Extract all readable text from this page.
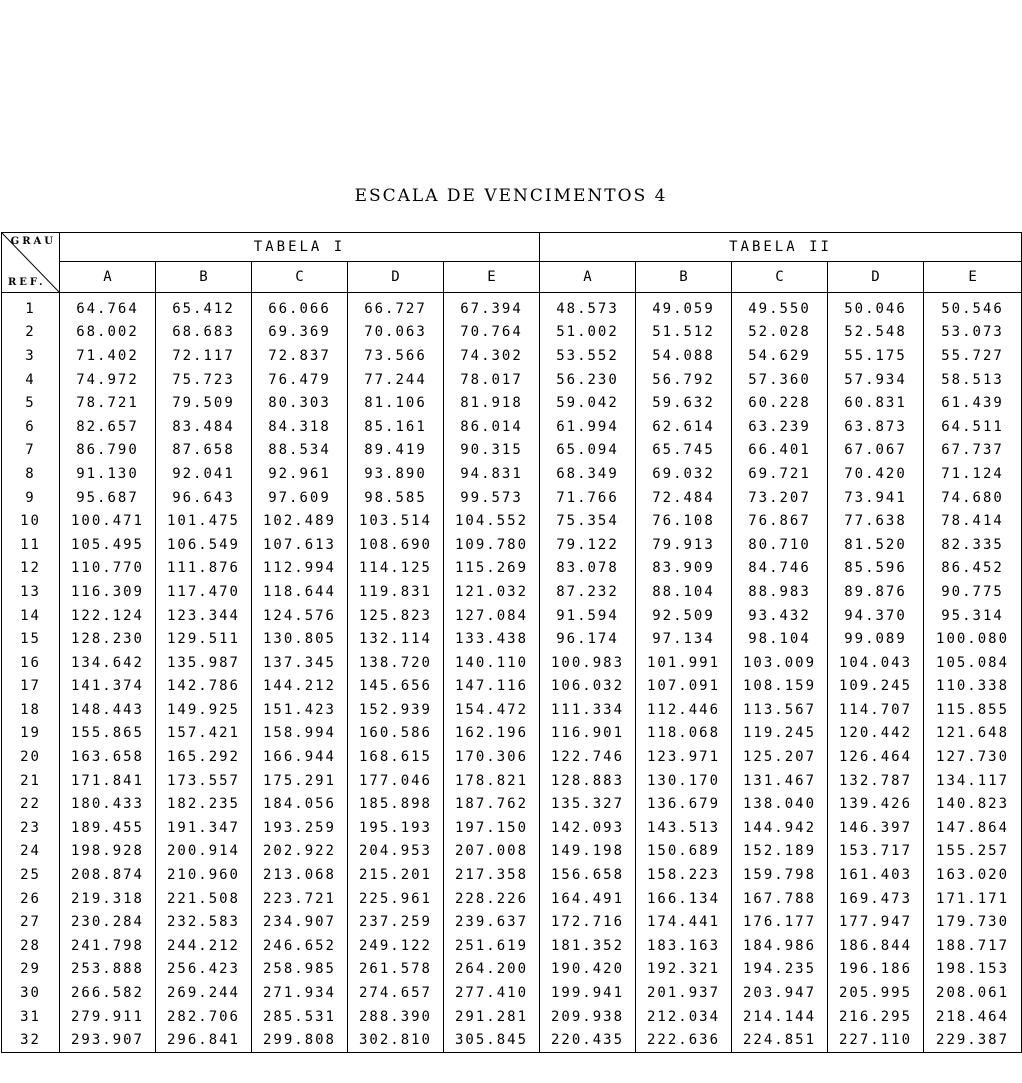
ESCALA DE VENCIMENTOS 4
GRAU
REF.	TABELA I					TABELA II				
	A	B	C	D	E	A	B	C	D	E
1	64.764	65.412	66.066	66.727	67.394	48.573	49.059	49.550	50.046	50.546
2	68.002	68.683	69.369	70.063	70.764	51.002	51.512	52.028	52.548	53.073
3	71.402	72.117	72.837	73.566	74.302	53.552	54.088	54.629	55.175	55.727
4	74.972	75.723	76.479	77.244	78.017	56.230	56.792	57.360	57.934	58.513
5	78.721	79.509	80.303	81.106	81.918	59.042	59.632	60.228	60.831	61.439
6	82.657	83.484	84.318	85.161	86.014	61.994	62.614	63.239	63.873	64.511
7	86.790	87.658	88.534	89.419	90.315	65.094	65.745	66.401	67.067	67.737
8	91.130	92.041	92.961	93.890	94.831	68.349	69.032	69.721	70.420	71.124
9	95.687	96.643	97.609	98.585	99.573	71.766	72.484	73.207	73.941	74.680
10	100.471	101.475	102.489	103.514	104.552	75.354	76.108	76.867	77.638	78.414
11	105.495	106.549	107.613	108.690	109.780	79.122	79.913	80.710	81.520	82.335
12	110.770	111.876	112.994	114.125	115.269	83.078	83.909	84.746	85.596	86.452
13	116.309	117.470	118.644	119.831	121.032	87.232	88.104	88.983	89.876	90.775
14	122.124	123.344	124.576	125.823	127.084	91.594	92.509	93.432	94.370	95.314
15	128.230	129.511	130.805	132.114	133.438	96.174	97.134	98.104	99.089	100.080
16	134.642	135.987	137.345	138.720	140.110	100.983	101.991	103.009	104.043	105.084
17	141.374	142.786	144.212	145.656	147.116	106.032	107.091	108.159	109.245	110.338
18	148.443	149.925	151.423	152.939	154.472	111.334	112.446	113.567	114.707	115.855
19	155.865	157.421	158.994	160.586	162.196	116.901	118.068	119.245	120.442	121.648
20	163.658	165.292	166.944	168.615	170.306	122.746	123.971	125.207	126.464	127.730
21	171.841	173.557	175.291	177.046	178.821	128.883	130.170	131.467	132.787	134.117
22	180.433	182.235	184.056	185.898	187.762	135.327	136.679	138.040	139.426	140.823
23	189.455	191.347	193.259	195.193	197.150	142.093	143.513	144.942	146.397	147.864
24	198.928	200.914	202.922	204.953	207.008	149.198	150.689	152.189	153.717	155.257
25	208.874	210.960	213.068	215.201	217.358	156.658	158.223	159.798	161.403	163.020
26	219.318	221.508	223.721	225.961	228.226	164.491	166.134	167.788	169.473	171.171
27	230.284	232.583	234.907	237.259	239.637	172.716	174.441	176.177	177.947	179.730
28	241.798	244.212	246.652	249.122	251.619	181.352	183.163	184.986	186.844	188.717
29	253.888	256.423	258.985	261.578	264.200	190.420	192.321	194.235	196.186	198.153
30	266.582	269.244	271.934	274.657	277.410	199.941	201.937	203.947	205.995	208.061
31	279.911	282.706	285.531	288.390	291.281	209.938	212.034	214.144	216.295	218.464
32	293.907	296.841	299.808	302.810	305.845	220.435	222.636	224.851	227.110	229.387
